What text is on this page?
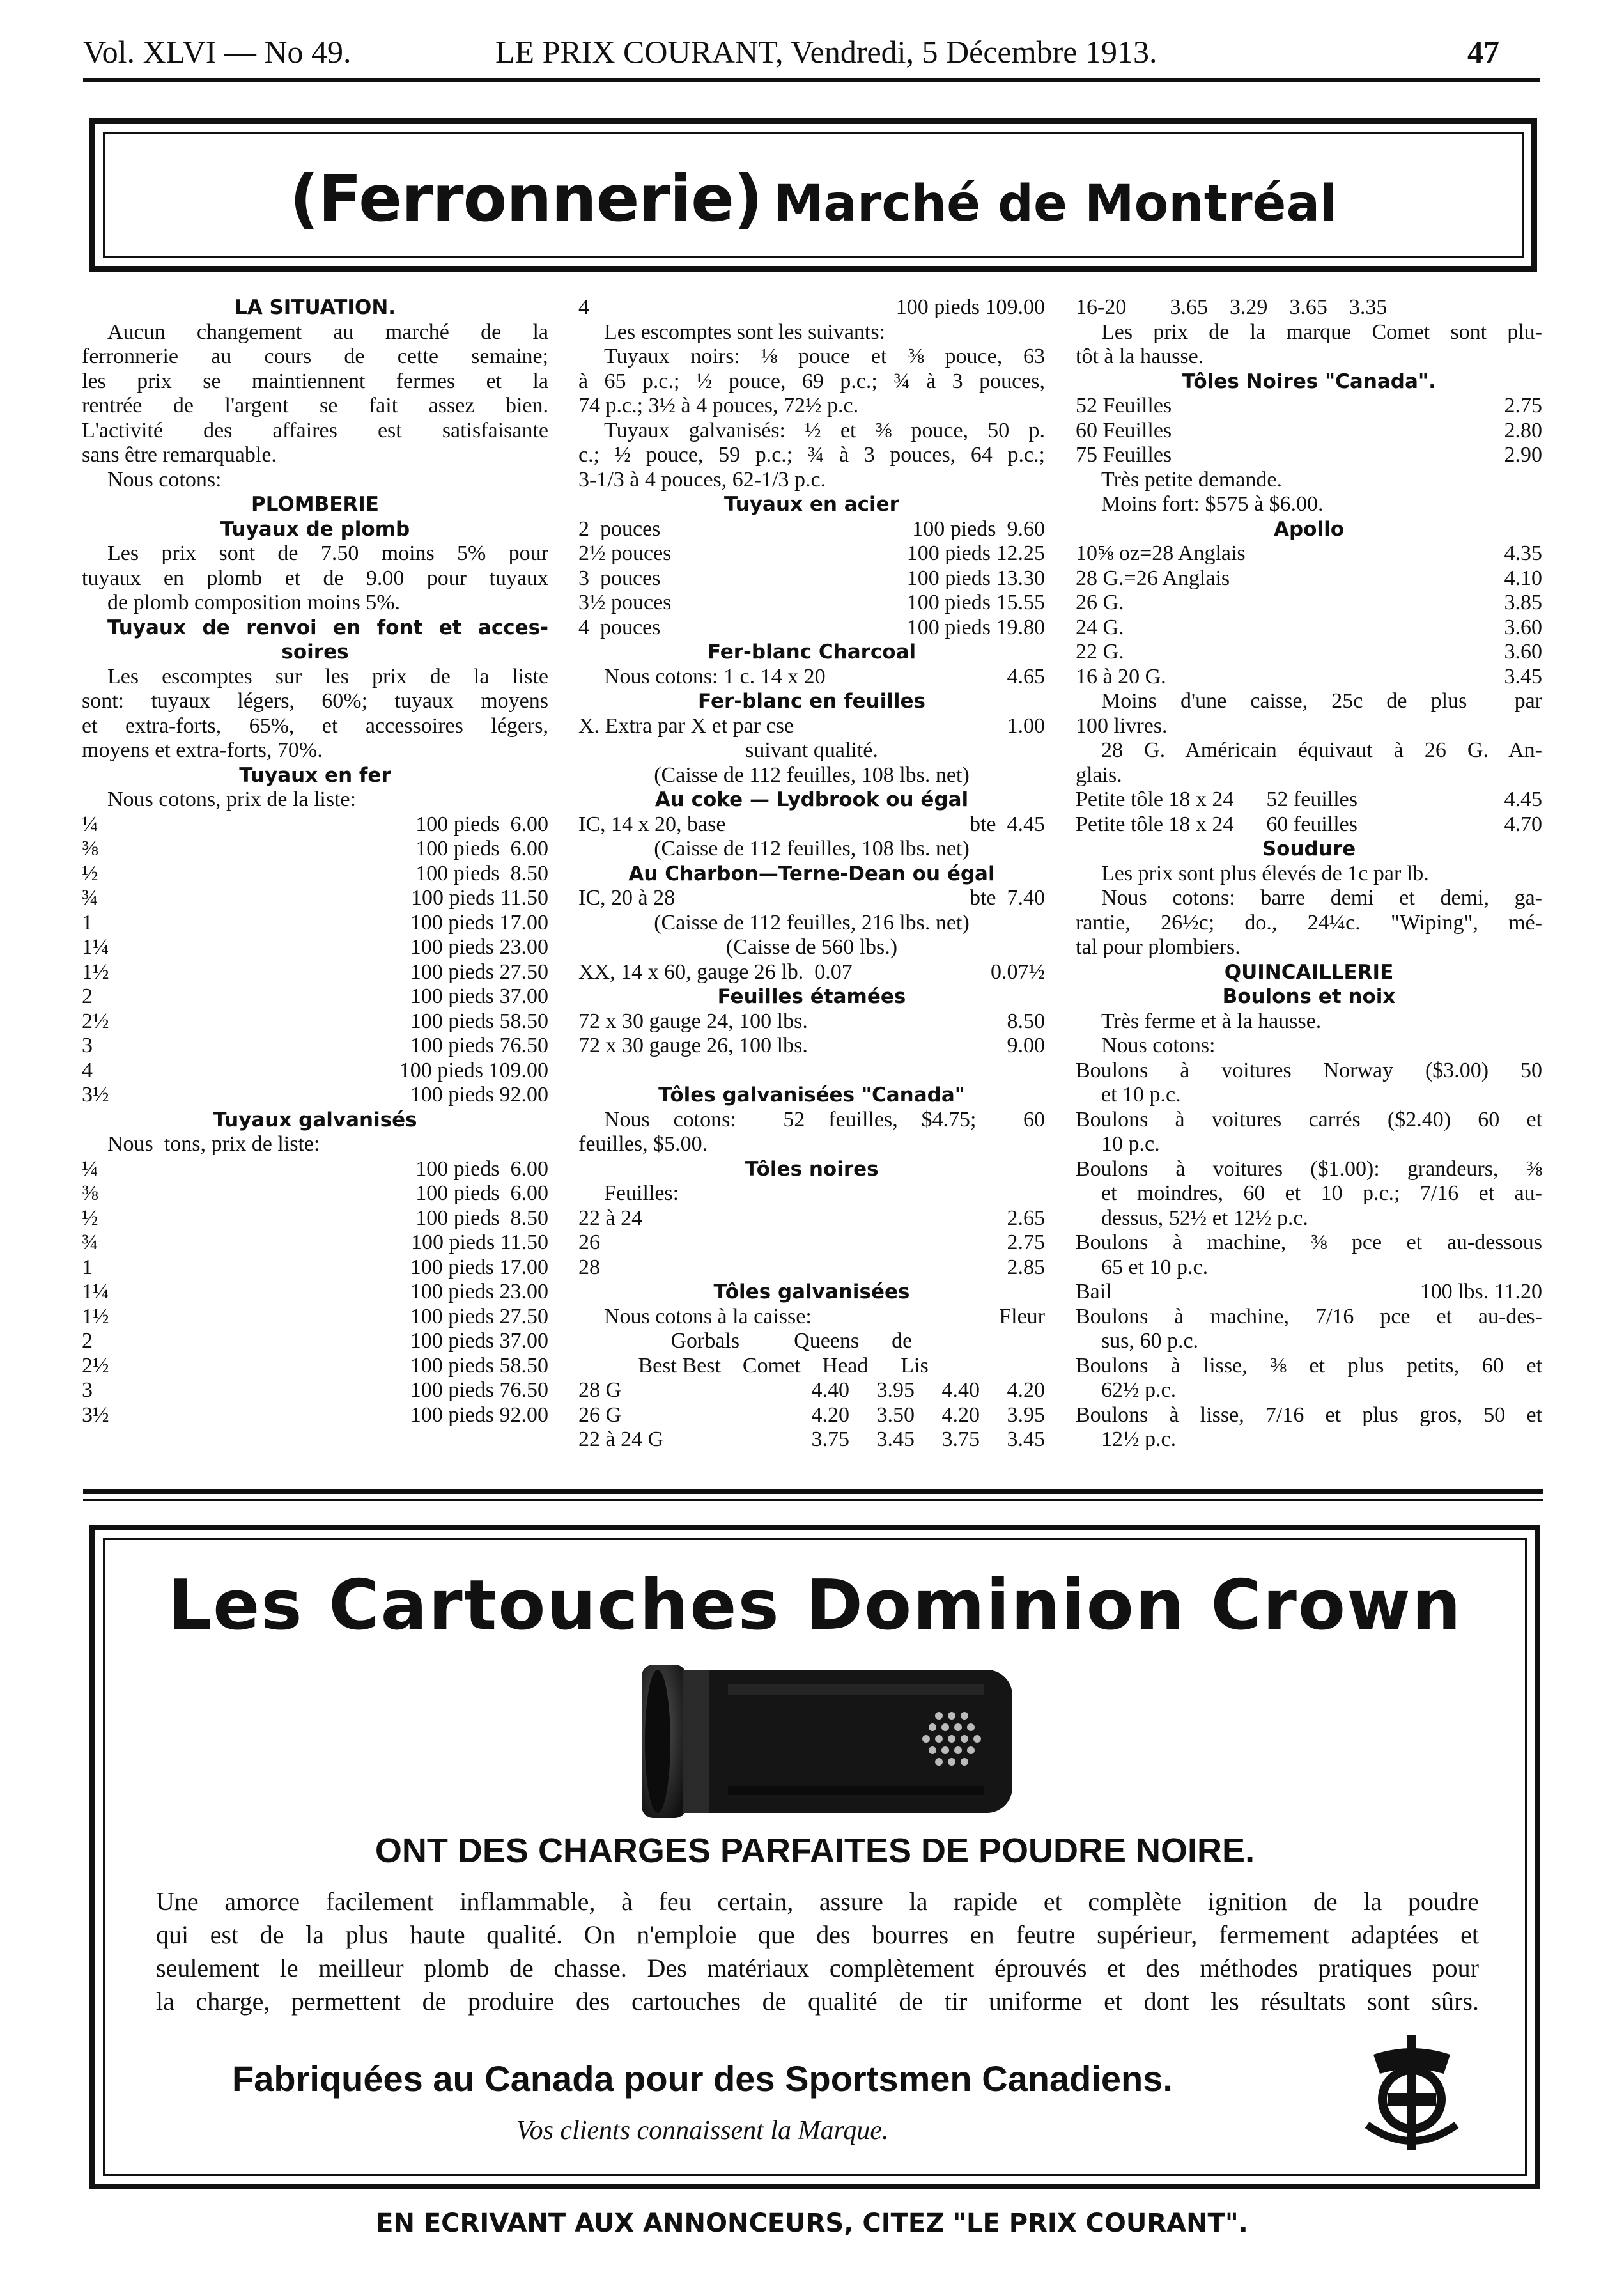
Vol. XLVI — No 49.	LE PRIX COURANT, Vendredi, 5 Décembre 1913.	47
(Ferronnerie) Marché de Montréal
LA SITUATION.
Aucun changement au marché de la
ferronnerie au cours de cette semaine;
les prix se maintiennent fermes et la
rentrée de l'argent se fait assez bien.
L'activité des affaires est satisfaisante
sans être remarquable.
Nous cotons:
PLOMBERIE
Tuyaux de plomb
Les prix sont de 7.50 moins 5% pour
tuyaux en plomb et de 9.00 pour tuyaux
de plomb composition moins 5%.
Tuyaux de renvoi en font et acces-
soires
Les escomptes sur les prix de la liste
sont: tuyaux légers, 60%; tuyaux moyens
et extra-forts, 65%, et accessoires légers,
moyens et extra-forts, 70%.
Tuyaux en fer
Nous cotons, prix de la liste:
¼	100 pieds  6.00
⅜	100 pieds  6.00
½	100 pieds  8.50
¾	100 pieds 11.50
1	100 pieds 17.00
1¼	100 pieds 23.00
1½	100 pieds 27.50
2	100 pieds 37.00
2½	100 pieds 58.50
3	100 pieds 76.50
4	100 pieds 109.00
3½	100 pieds 92.00
Tuyaux galvanisés
Nous  tons, prix de liste:
¼	100 pieds  6.00
⅜	100 pieds  6.00
½	100 pieds  8.50
¾	100 pieds 11.50
1	100 pieds 17.00
1¼	100 pieds 23.00
1½	100 pieds 27.50
2	100 pieds 37.00
2½	100 pieds 58.50
3	100 pieds 76.50
3½	100 pieds 92.00
4	100 pieds 109.00
Les escomptes sont les suivants:
Tuyaux noirs: ⅛ pouce et ⅜ pouce, 63
à 65 p.c.; ½ pouce, 69 p.c.; ¾ à 3 pouces,
74 p.c.; 3½ à 4 pouces, 72½ p.c.
Tuyaux galvanisés: ½ et ⅜ pouce, 50 p.
c.; ½ pouce, 59 p.c.; ¾ à 3 pouces, 64 p.c.;
3-1/3 à 4 pouces, 62-1/3 p.c.
Tuyaux en acier
2  pouces	100 pieds  9.60
2½ pouces	100 pieds 12.25
3  pouces	100 pieds 13.30
3½ pouces	100 pieds 15.55
4  pouces	100 pieds 19.80
Fer-blanc Charcoal
Nous cotons: 1 c. 14 x 20	4.65
Fer-blanc en feuilles
X. Extra par X et par cse	1.00
suivant qualité.
(Caisse de 112 feuilles, 108 lbs. net)
Au coke — Lydbrook ou égal
IC, 14 x 20, base	bte  4.45
(Caisse de 112 feuilles, 108 lbs. net)
Au Charbon—Terne-Dean ou égal
IC, 20 à 28	bte  7.40
(Caisse de 112 feuilles, 216 lbs. net)
(Caisse de 560 lbs.)
XX, 14 x 60, gauge 26 lb.  0.07	0.07½
Feuilles étamées
72 x 30 gauge 24, 100 lbs.	8.50
72 x 30 gauge 26, 100 lbs.	9.00
Tôles galvanisées "Canada"
Nous cotons:  52 feuilles, $4.75;  60
feuilles, $5.00.
Tôles noires
Feuilles:
22 à 24	2.65
26	2.75
28	2.85
Tôles galvanisées
Nous cotons à la caisse:	Fleur
Gorbals          Queens      de
Best Best    Comet    Head      Lis
28 G	4.40     3.95     4.40     4.20
26 G	4.20     3.50     4.20     3.95
22 à 24 G	3.75     3.45     3.75     3.45
16-20        3.65    3.29    3.65    3.35
Les prix de la marque Comet sont plu-
tôt à la hausse.
Tôles Noires "Canada".
52 Feuilles	2.75
60 Feuilles	2.80
75 Feuilles	2.90
Très petite demande.
Moins fort: $575 à $6.00.
Apollo
10⅝ oz=28 Anglais	4.35
28 G.=26 Anglais	4.10
26 G.	3.85
24 G.	3.60
22 G.	3.60
16 à 20 G.	3.45
Moins d'une caisse, 25c de plus  par
100 livres.
28 G. Américain équivaut à 26 G. An-
glais.
Petite tôle 18 x 24      52 feuilles	4.45
Petite tôle 18 x 24      60 feuilles	4.70
Soudure
Les prix sont plus élevés de 1c par lb.
Nous cotons: barre demi et demi, ga-
rantie, 26½c; do., 24¼c. "Wiping", mé-
tal pour plombiers.
QUINCAILLERIE
Boulons et noix
Très ferme et à la hausse.
Nous cotons:
Boulons à voitures Norway ($3.00) 50
et 10 p.c.
Boulons à voitures carrés ($2.40) 60 et
10 p.c.
Boulons à voitures ($1.00): grandeurs, ⅜
et moindres, 60 et 10 p.c.; 7/16 et au-
dessus, 52½ et 12½ p.c.
Boulons à machine, ⅜ pce et au-dessous
65 et 10 p.c.
Bail	100 lbs. 11.20
Boulons à machine, 7/16 pce et au-des-
sus, 60 p.c.
Boulons à lisse, ⅜ et plus petits, 60 et
62½ p.c.
Boulons à lisse, 7/16 et plus gros, 50 et
12½ p.c.
Les Cartouches Dominion Crown
ONT DES CHARGES PARFAITES DE POUDRE NOIRE.
Une amorce facilement inflammable, à feu certain, assure la rapide et complète ignition de la poudre
qui est de la plus haute qualité. On n'emploie que des bourres en feutre supérieur, fermement adaptées et
seulement le meilleur plomb de chasse. Des matériaux complètement éprouvés et des méthodes pratiques pour
la charge, permettent de produire des cartouches de qualité de tir uniforme et dont les résultats sont sûrs.
Fabriquées au Canada pour des Sportsmen Canadiens.
Vos clients connaissent la Marque.
EN ECRIVANT AUX ANNONCEURS, CITEZ "LE PRIX COURANT".
